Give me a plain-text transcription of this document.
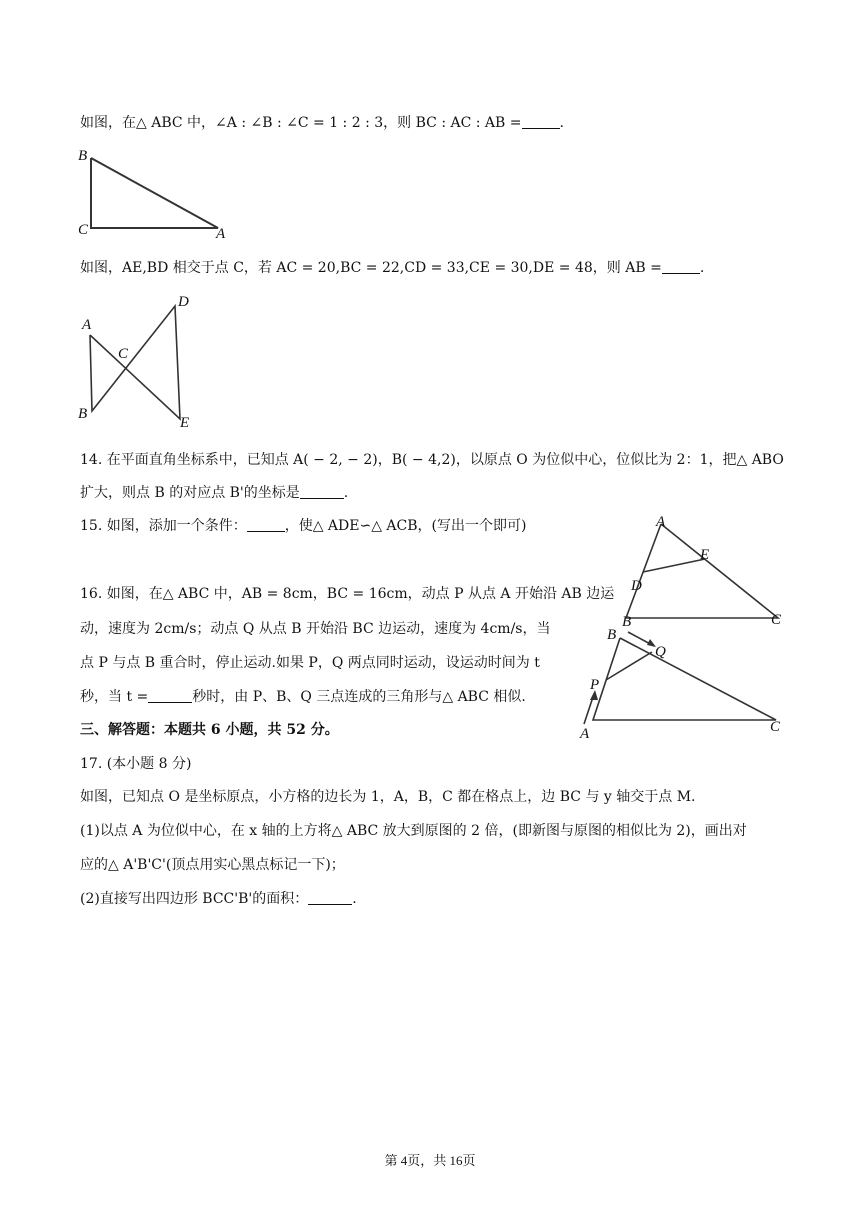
如图，在△ ABC 中，∠A : ∠B : ∠C = 1 : 2 : 3，则 BC : AC : AB =	.
B
C	A
如图，AE,BD 相交于点 C，若 AC = 20,BC = 22,CD = 33,CE = 30,DE = 48，则 AB =	.
D
A
C
B
E
14. 在平面直角坐标系中，已知点 A( − 2, − 2)，B( − 4,2)，以原点 O 为位似中心，位似比为 2：1，把△ ABO
扩大，则点 B 的对应点 B'的坐标是	.
15. 如图，添加一个条件：	，使△ ADE∽△ ACB，(写出一个即可)	A
E
D
B	C
16. 如图，在△ ABC 中，AB = 8cm，BC = 16cm，动点 P 从点 A 开始沿 AB 边运
动，速度为 2cm/s；动点 Q 从点 B 开始沿 BC 边运动，速度为 4cm/s，当
点 P 与点 B 重合时，停止运动.如果 P，Q 两点同时运动，设运动时间为 t
秒，当 t =	秒时，由 P、B、Q 三点连成的三角形与△ ABC 相似.
B
Q
P
A	C
三、解答题：本题共 6 小题，共 52 分。
17. (本小题 8 分)
如图，已知点 O 是坐标原点，小方格的边长为 1，A，B，C 都在格点上，边 BC 与 y 轴交于点 M.
(1)以点 A 为位似中心，在 x 轴的上方将△ ABC 放大到原图的 2 倍，(即新图与原图的相似比为 2)，画出对
应的△ A'B'C'(顶点用实心黑点标记一下)；
(2)直接写出四边形 BCC'B'的面积：	.
第 4页，共 16页
